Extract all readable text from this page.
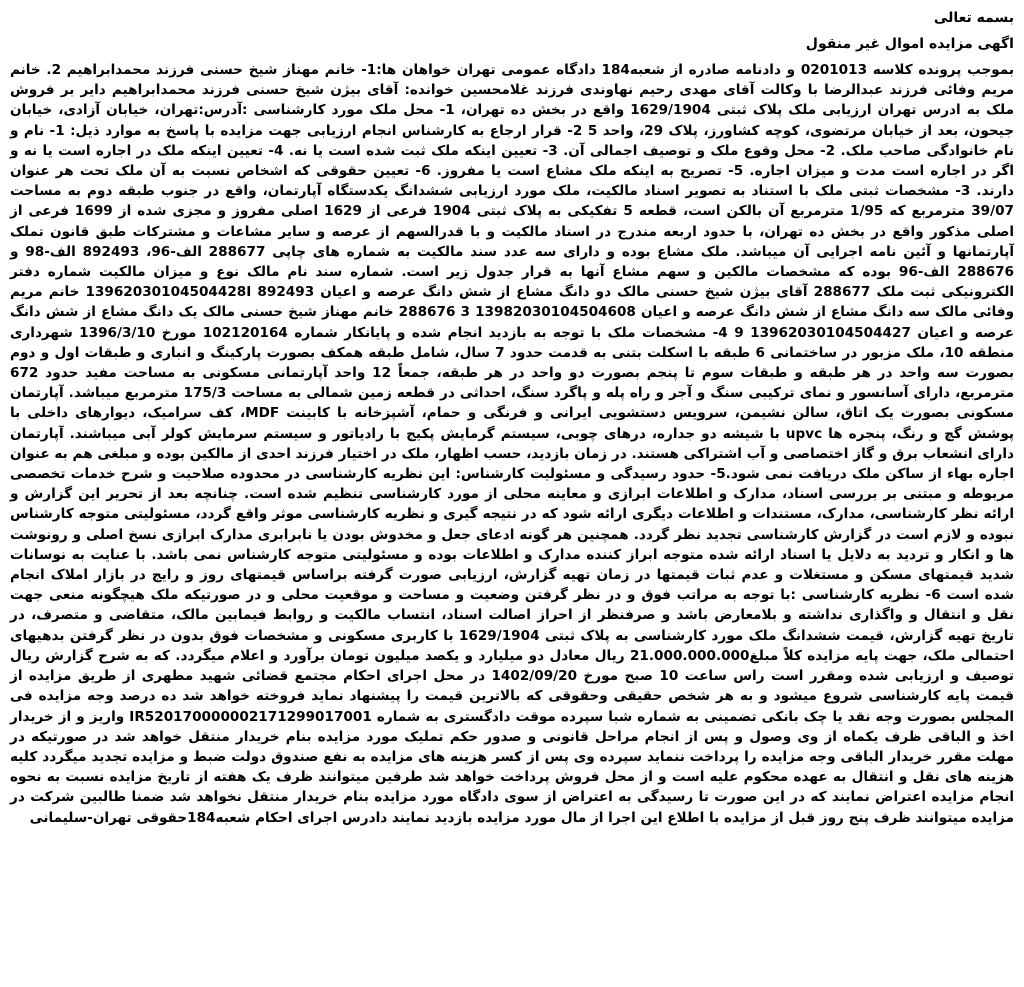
بسمه تعالی

اگهی مزایده اموال غیر منقول

بموجب پرونده کلاسه 0201013 و دادنامه صادره از شعبه184 دادگاه عمومی تهران خواهان ها:1- خانم مهناز شیخ حسنی فرزند محمدابراهیم 2. خانم مریم وفائی فرزند عبدالرضا با وکالت آقای مهدی رحیم نهاوندی فرزند غلامحسین خوانده: آقای بیژن شیخ حسنی فرزند محمدابراهیم دایر بر فروش ملک به ادرس تهران ارزیابی ملک پلاک ثبتی 1629/1904 واقع در بخش ده تهران، 1- محل ملک مورد کارشناسی :آدرس:تهران، خیابان آزادی، خیابان جیحون، بعد از خیابان مرتضوی، کوچه کشاورز، پلاک 29، واحد 5 2- قرار ارجاع به کارشناس انجام ارزیابی جهت مزایده با پاسخ به موارد ذیل: 1- نام و نام خانوادگی صاحب ملک. 2- محل وقوع ملک و توصیف اجمالی آن. 3- تعیین اینکه ملک ثبت شده است یا نه. 4- تعیین اینکه ملک در اجاره است یا نه و اگر در اجاره است مدت و میزان اجاره. 5- تصریح به اینکه ملک مشاع است یا مفروز. 6- تعیین حقوقی که اشخاص نسبت به آن ملک تحت هر عنوان دارند. 3- مشخصات ثبتی ملک با استناد به تصویر اسناد مالکیت، ملک مورد ارزیابی ششدانگ یکدستگاه آپارتمان، واقع در جنوب طبقه دوم به مساحت 39/07 مترمربع که 1/95 مترمربع آن بالکن است، قطعه 5 تفکیکی به پلاک ثبتی 1904 فرعی از 1629 اصلی مفروز و مجزی شده از 1699 فرعی از اصلی مذکور واقع در بخش ده تهران، با حدود اربعه مندرج در اسناد مالکیت و با قدرالسهم از عرصه و سایر مشاعات و مشترکات طبق قانون تملک آپارتمانها و آئین نامه اجرایی آن میباشد. ملک مشاع بوده و دارای سه عدد سند مالکیت به شماره های چاپی 288677 الف-96، 892493 الف-98 و 288676 الف-96 بوده که مشخصات مالکین و سهم مشاع آنها به قرار جدول زیر است. شماره سند نام مالک نوع و میزان مالکیت شماره دفتر الکترونیکی ثبت ملک 288677 آقای بیژن شیخ حسنی مالک دو دانگ مشاع از شش دانگ عرصه و اعیان 13962030104504428I 892493 خانم مریم وفائی مالک سه دانگ مشاع از شش دانگ عرصه و اعیان 13982030104504608 3 288676 خانم مهناز شیخ حسنی مالک یک دانگ مشاع از شش دانگ عرصه و اعیان 13962030104504427 9 4- مشخصات ملک با توجه به بازدید انجام شده و پایانکار شماره 102120164 مورخ 1396/3/10 شهرداری منطقه 10، ملک مزبور در ساختمانی 6 طبقه با اسکلت بتنی به قدمت حدود 7 سال، شامل طبقه همکف بصورت پارکینگ و انباری و طبقات اول و دوم بصورت سه واحد در هر طبقه و طبقات سوم تا پنجم بصورت دو واحد در هر طبقه، جمعاً 12 واحد آپارتمانی مسکونی به مساحت مفید حدود 672 مترمربع، دارای آسانسور و نمای ترکیبی سنگ و آجر و راه پله و پاگرد سنگ، احداثی در قطعه زمین شمالی به مساحت 175/3 مترمربع میباشد. آپارتمان مسکونی بصورت یک اتاق، سالن نشیمن، سرویس دستشویی ایرانی و فرنگی و حمام، آشپزخانه با کابینت MDF، کف سرامیک، دیوارهای داخلی با پوشش گچ و رنگ، پنجره ها upvc با شیشه دو جداره، درهای چوبی، سیستم گرمایش پکیج با رادیاتور و سیستم سرمایش کولر آبی میباشند. آپارتمان دارای انشعاب برق و گاز اختصاصی و آب اشتراکی هستند. در زمان بازدید، حسب اظهار، ملک در اختیار فرزند احدی از مالکین بوده و مبلغی هم به عنوان اجاره بهاء از ساکن ملک دریافت نمی شود.5- حدود رسیدگی و مسئولیت کارشناس: این نظریه کارشناسی در محدوده صلاحیت و شرح خدمات تخصصی مربوطه و مبتنی بر بررسی اسناد، مدارک و اطلاعات ابرازی و معاینه محلی از مورد کارشناسی تنظیم شده است. چنانچه بعد از تحریر این گزارش و ارائه نظر کارشناسی، مدارک، مستندات و اطلاعات دیگری ارائه شود که در نتیجه گیری و نظریه کارشناسی موثر واقع گردد، مسئولیتی متوجه کارشناس نبوده و لازم است در گزارش کارشناسی تجدید نظر گردد. همچنین هر گونه ادعای جعل و مخدوش بودن یا نابرابری مدارک ابرازی نسخ اصلی و رونوشت ها و انکار و تردید به دلایل یا اسناد ارائه شده متوجه ابراز کننده مدارک و اطلاعات بوده و مسئولیتی متوجه کارشناس نمی باشد. با عنایت به نوسانات شدید قیمتهای مسکن و مستغلات و عدم ثبات قیمتها در زمان تهیه گزارش، ارزیابی صورت گرفته براساس قیمتهای روز و رایج در بازار املاک انجام شده است 6- نظریه کارشناسی :با توجه به مراتب فوق و در نظر گرفتن وضعیت و مساحت و موقعیت محلی و در صورتیکه ملک هیچگونه منعی جهت نقل و انتقال و واگذاری نداشته و بلامعارض باشد و صرفنظر از احراز اصالت اسناد، انتساب مالکیت و روابط فیمابین مالک، متقاضی و متصرف، در تاریخ تهیه گزارش، قیمت ششدانگ ملک مورد کارشناسی به پلاک ثبتی 1629/1904 با کاربری مسکونی و مشخصات فوق بدون در نظر گرفتن بدهیهای احتمالی ملک، جهت پایه مزایده کلاً مبلغ21.000.000.000 ریال معادل دو میلیارد و یکصد میلیون تومان برآورد و اعلام میگردد. که به شرح گزارش ریال توصیف و ارزیابی شده ومقرر است راس ساعت 10 صبح مورخ 1402/09/20 در محل اجرای احکام مجتمع قضائی شهید مطهری از طریق مزایده از قیمت پایه کارشناسی شروع میشود و به هر شخص حقیقی وحقوقی که بالاترین قیمت را پیشنهاد نماید فروخته خواهد شد ده درصد وجه مزایده فی المجلس بصورت وجه نقد یا چک بانکی تضمینی به شماره شبا سپرده موقت دادگستری به شماره IR520170000002171299017001 واریز و از خریدار اخذ و الباقی ظرف یکماه از وی وصول و پس از انجام مراحل قانونی و صدور حکم تملیک مورد مزایده بنام خریدار منتقل خواهد شد در صورتیکه در مهلت مقرر خریدار الباقی وجه مزایده را پرداخت ننماید سپرده وی پس از کسر هزینه های مزایده به نفع صندوق دولت ضبط و مزایده تجدید میگردد کلیه هزینه های نقل و انتقال به عهده محکوم علیه است و از محل فروش پرداخت خواهد شد طرفین میتوانند ظرف یک هفته از تاریخ مزایده نسبت به نحوه انجام مزایده اعتراض نمایند که در این صورت تا رسیدگی به اعتراض از سوی دادگاه مورد مزایده بنام خریدار منتقل نخواهد شد ضمنا طالبین شرکت در مزایده میتوانند ظرف پنج روز قبل از مزایده با اطلاع این اجرا از مال مورد مزایده بازدید نمایند دادرس اجرای احکام شعبه184حقوقی تهران-سلیمانی
